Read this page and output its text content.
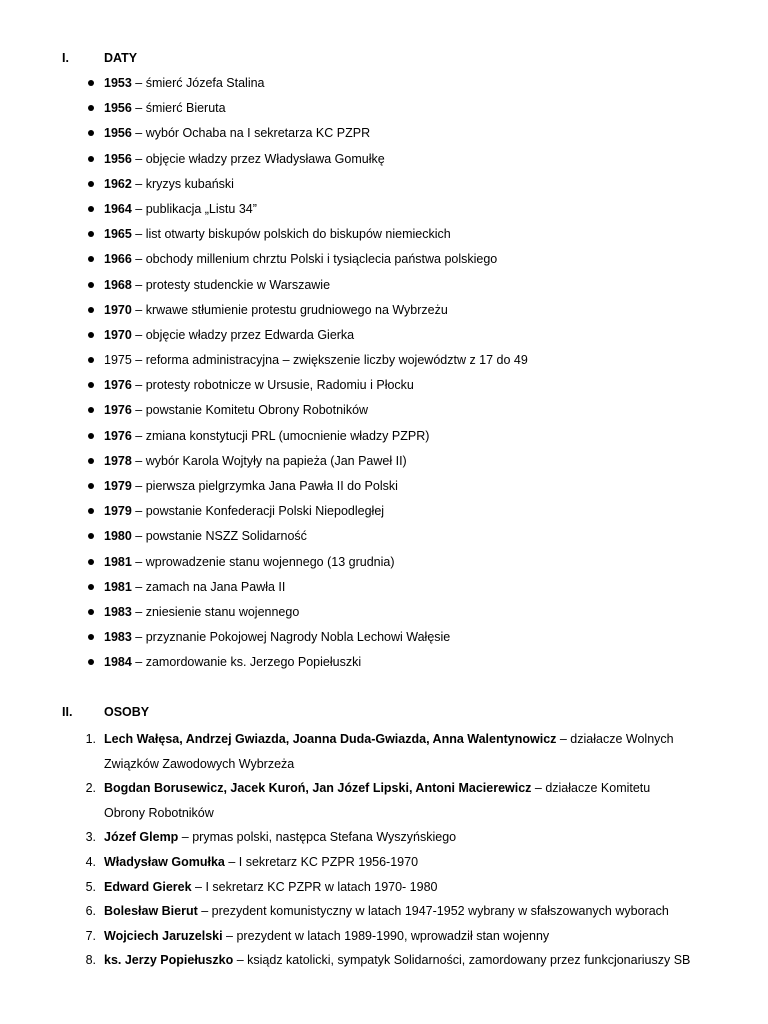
I.	DATY
1953 – śmierć Józefa Stalina
1956 – śmierć Bieruta
1956 – wybór Ochaba na I sekretarza KC PZPR
1956 – objęcie władzy przez Władysława Gomułkę
1962 – kryzys kubański
1964 – publikacja „Listu 34”
1965 – list otwarty biskupów polskich do biskupów niemieckich
1966 – obchody millenium chrztu Polski i tysiąclecia państwa polskiego
1968 – protesty studenckie w Warszawie
1970 – krwawe stłumienie protestu grudniowego na Wybrzeżu
1970 – objęcie władzy przez Edwarda Gierka
1975 – reforma administracyjna – zwiększenie liczby województw z 17 do 49
1976 – protesty robotnicze w Ursusie, Radomiu i Płocku
1976 – powstanie Komitetu Obrony Robotników
1976 – zmiana konstytucji PRL (umocnienie władzy PZPR)
1978 – wybór Karola Wojtyły na papieża (Jan Paweł II)
1979 – pierwsza pielgrzymka Jana Pawła II do Polski
1979 – powstanie Konfederacji Polski Niepodległej
1980 – powstanie NSZZ Solidarność
1981 – wprowadzenie stanu wojennego (13 grudnia)
1981 – zamach na Jana Pawła II
1983 – zniesienie stanu wojennego
1983 – przyznanie Pokojowej Nagrody Nobla Lechowi Wałęsie
1984 – zamordowanie ks. Jerzego Popiełuszki
II.	OSOBY
1. Lech Wałęsa, Andrzej Gwiazda, Joanna Duda-Gwiazda, Anna Walentynowicz – działacze Wolnych Związków Zawodowych Wybrzeża
2. Bogdan Borusewicz, Jacek Kuroń, Jan Józef Lipski, Antoni Macierewicz – działacze Komitetu Obrony Robotników
3. Józef Glemp – prymas polski, następca Stefana Wyszyńskiego
4. Władysław Gomułka – I sekretarz KC PZPR 1956-1970
5. Edward Gierek – I sekretarz KC PZPR w latach 1970- 1980
6. Bolesław Bierut – prezydent komunistyczny w latach 1947-1952 wybrany w sfałszowanych wyborach
7. Wojciech Jaruzelski – prezydent w latach 1989-1990, wprowadził stan wojenny
8. ks. Jerzy Popiełuszko – ksiądz katolicki, sympatyk Solidarności, zamordowany przez funkcjonariuszy SB
